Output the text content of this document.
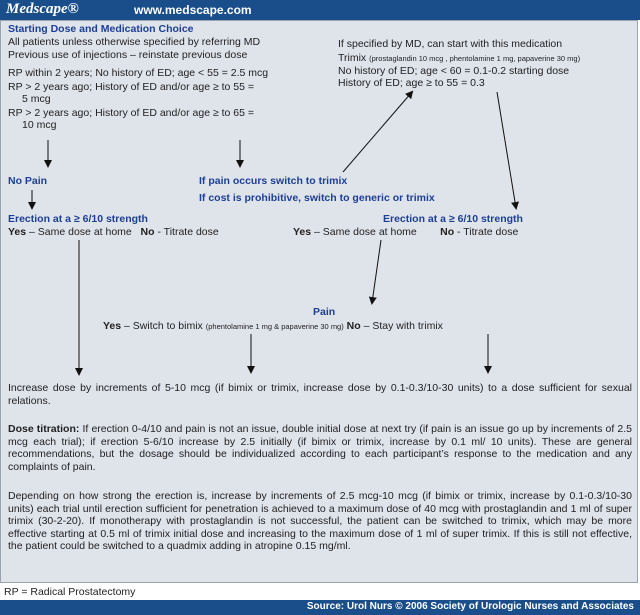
Medscape®	www.medscape.com
Starting Dose and Medication Choice
All patients unless otherwise specified by referring MD
Previous use of injections – reinstate previous dose
RP within 2 years; No history of ED; age < 55 = 2.5 mcg
RP > 2 years ago; History of ED and/or age ≥ to 55 =
5 mcg
RP > 2 years ago; History of ED and/or age ≥ to 65 =
10 mcg
If specified by MD, can start with this medication
Trimix (prostaglandin 10 mcg , phentolamine 1 mg, papaverine 30 mg)
No history of ED; age < 60 = 0.1-0.2 starting dose
History of ED; age ≥ to 55 = 0.3
No Pain	If pain occurs switch to trimix
If cost is prohibitive, switch to generic or trimix
Erection at a ≥ 6/10 strength
Yes – Same dose at home No - Titrate dose
Erection at a ≥ 6/10 strength
Yes – Same dose at home No - Titrate dose
Pain
Yes – Switch to bimix (phentolamine 1 mg & papaverine 30 mg) No – Stay with trimix
Increase dose by increments of 5-10 mcg (if bimix or trimix, increase dose by 0.1-0.3/10-30 units) to a dose sufficient for sexual relations.
Dose titration: If erection 0-4/10 and pain is not an issue, double initial dose at next try (if pain is an issue go up by increments of 2.5 mcg each trial); if erection 5-6/10 increase by 2.5 initially (if bimix or trimix, increase by 0.1 ml/ 10 units). These are general recommendations, but the dosage should be individualized according to each participant’s response to the medication and any complaints of pain.
Depending on how strong the erection is, increase by increments of 2.5 mcg-10 mcg (if bimix or trimix, increase by 0.1-0.3/10-30 units) each trial until erection sufficient for penetration is achieved to a maximum dose of 40 mcg with prostaglandin and 1 ml of super trimix (30-2-20). If monotherapy with prostaglandin is not successful, the patient can be switched to trimix, which may be more effective starting at 0.5 ml of trimix initial dose and increasing to the maximum dose of 1 ml of super trimix. If this is still not effective, the patient could be switched to a quadmix adding in atropine 0.15 mg/ml.
RP = Radical Prostatectomy
Source: Urol Nurs © 2006 Society of Urologic Nurses and Associates
